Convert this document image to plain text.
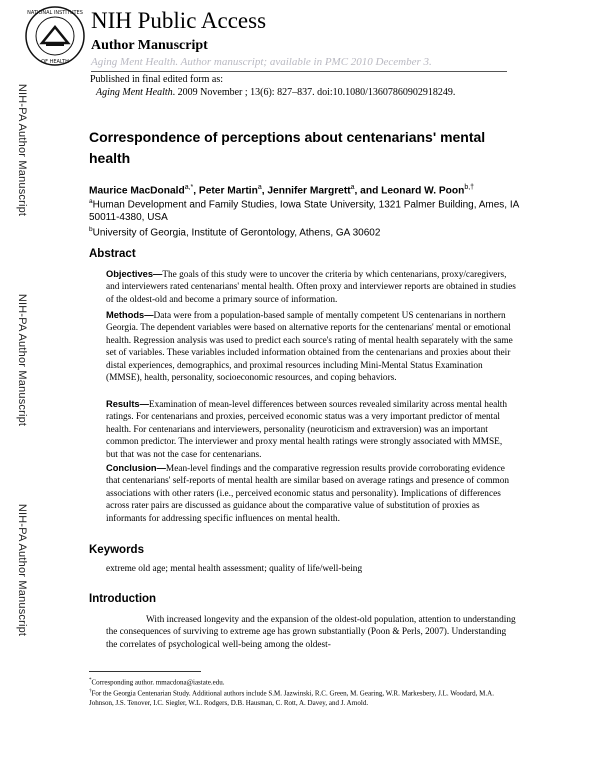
NATIONAL INSTITUTES
OF HEALTH
NIH Public Access
Author Manuscript
Aging Ment Health. Author manuscript; available in PMC 2010 December 3.
Published in final edited form as:
Aging Ment Health. 2009 November ; 13(6): 827–837. doi:10.1080/13607860902918249.
NIH-PA Author Manuscript
NIH-PA Author Manuscript
NIH-PA Author Manuscript
Correspondence of perceptions about centenarians' mental health
Maurice MacDonald$^{a,*}$, Peter Martin$^a$, Jennifer Margrett$^a$, and Leonard W. Poon$^{b,\dagger}$
$^a$Human Development and Family Studies, Iowa State University, 1321 Palmer Building, Ames, IA 50011-4380, USA
$^b$University of Georgia, Institute of Gerontology, Athens, GA 30602
Abstract
Objectives—The goals of this study were to uncover the criteria by which centenarians, proxy/caregivers, and interviewers rated centenarians' mental health. Often proxy and interviewer reports are obtained in studies of the oldest-old and become a primary source of information.
Methods—Data were from a population-based sample of mentally competent US centenarians in northern Georgia. The dependent variables were based on alternative reports for the centenarians' mental or emotional health. Regression analysis was used to predict each source's rating of mental health separately with the same set of variables. These variables included information obtained from the centenarians and proxies about their distal experiences, demographics, and proximal resources including Mini-Mental Status Examination (MMSE), health, personality, socioeconomic resources, and coping behaviors.
Results—Examination of mean-level differences between sources revealed similarity across mental health ratings. For centenarians and proxies, perceived economic status was a very important predictor of mental health. For centenarians and interviewers, personality (neuroticism and extraversion) was an important common predictor. The interviewer and proxy mental health ratings were strongly associated with MMSE, but that was not the case for centenarians.
Conclusion—Mean-level findings and the comparative regression results provide corroborating evidence that centenarians' self-reports of mental health are similar based on average ratings and presence of common associations with other raters (i.e., perceived economic status and personality). Implications of differences across rater pairs are discussed as guidance about the comparative value of substitution of proxies as informants for addressing specific influences on mental health.
Keywords
extreme old age; mental health assessment; quality of life/well-being
Introduction
With increased longevity and the expansion of the oldest-old population, attention to understanding the consequences of surviving to extreme age has grown substantially (Poon & Perls, 2007). Understanding the correlates of psychological well-being among the oldest-
*Corresponding author. mmacdona@iastate.edu.
†For the Georgia Centenarian Study. Additional authors include S.M. Jazwinski, R.C. Green, M. Gearing, W.R. Markesbery, J.L. Woodard, M.A. Johnson, J.S. Tenover, I.C. Siegler, W.L. Rodgers, D.B. Hausman, C. Rott, A. Davey, and J. Arnold.
